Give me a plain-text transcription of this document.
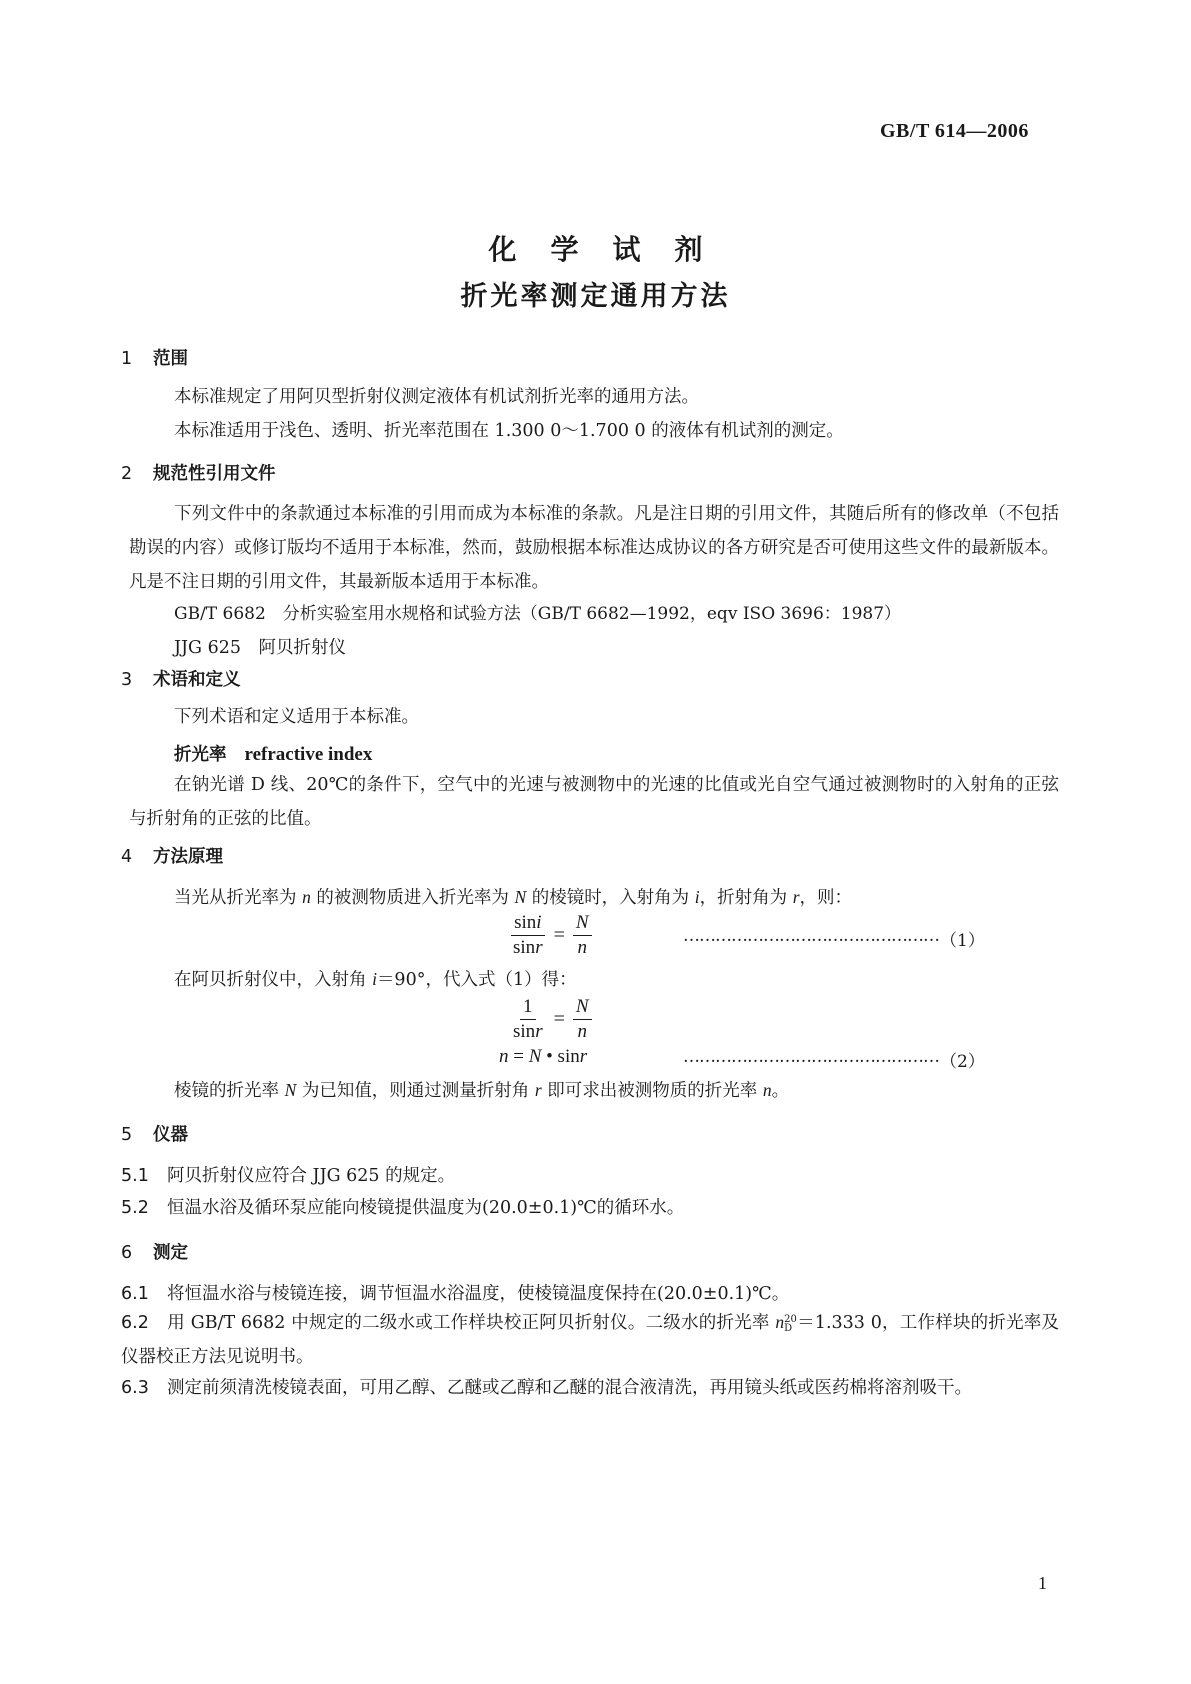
GB/T 614—2006
化学试剂
折光率测定通用方法
1 范围
本标准规定了用阿贝型折射仪测定液体有机试剂折光率的通用方法。
本标准适用于浅色、透明、折光率范围在 1.300 0～1.700 0 的液体有机试剂的测定。
2 规范性引用文件
下列文件中的条款通过本标准的引用而成为本标准的条款。凡是注日期的引用文件，其随后所有的修改单（不包括勘误的内容）或修订版均不适用于本标准，然而，鼓励根据本标准达成协议的各方研究是否可使用这些文件的最新版本。凡是不注日期的引用文件，其最新版本适用于本标准。
GB/T 6682　分析实验室用水规格和试验方法（GB/T 6682—1992，eqv ISO 3696：1987）
JJG 625　阿贝折射仪
3 术语和定义
下列术语和定义适用于本标准。
折光率 refractive index
在钠光谱 D 线、20℃的条件下，空气中的光速与被测物中的光速的比值或光自空气通过被测物时的入射角的正弦与折射角的正弦的比值。
4 方法原理
当光从折光率为 n 的被测物质进入折光率为 N 的棱镜时，入射角为 i，折射角为 r，则：
$\frac{\sin i}{\sin r} = \frac{N}{n}$	………………………………………… （1）
在阿贝折射仪中，入射角 i＝90°，代入式（1）得：
$\frac{1}{\sin r} = \frac{N}{n}$
n = N • sinr	………………………………………… （2）
棱镜的折光率 N 为已知值，则通过测量折射角 r 即可求出被测物质的折光率 n。
5 仪器
5.1 阿贝折射仪应符合 JJG 625 的规定。
5.2 恒温水浴及循环泵应能向棱镜提供温度为(20.0±0.1)℃的循环水。
6 测定
6.1 将恒温水浴与棱镜连接，调节恒温水浴温度，使棱镜温度保持在(20.0±0.1)℃。
6.2 用 GB/T 6682 中规定的二级水或工作样块校正阿贝折射仪。二级水的折光率 n 20
D ＝1.333 0，工作样块的折光率及仪器校正方法见说明书。
6.3 测定前须清洗棱镜表面，可用乙醇、乙醚或乙醇和乙醚的混合液清洗，再用镜头纸或医药棉将溶剂吸干。
1
